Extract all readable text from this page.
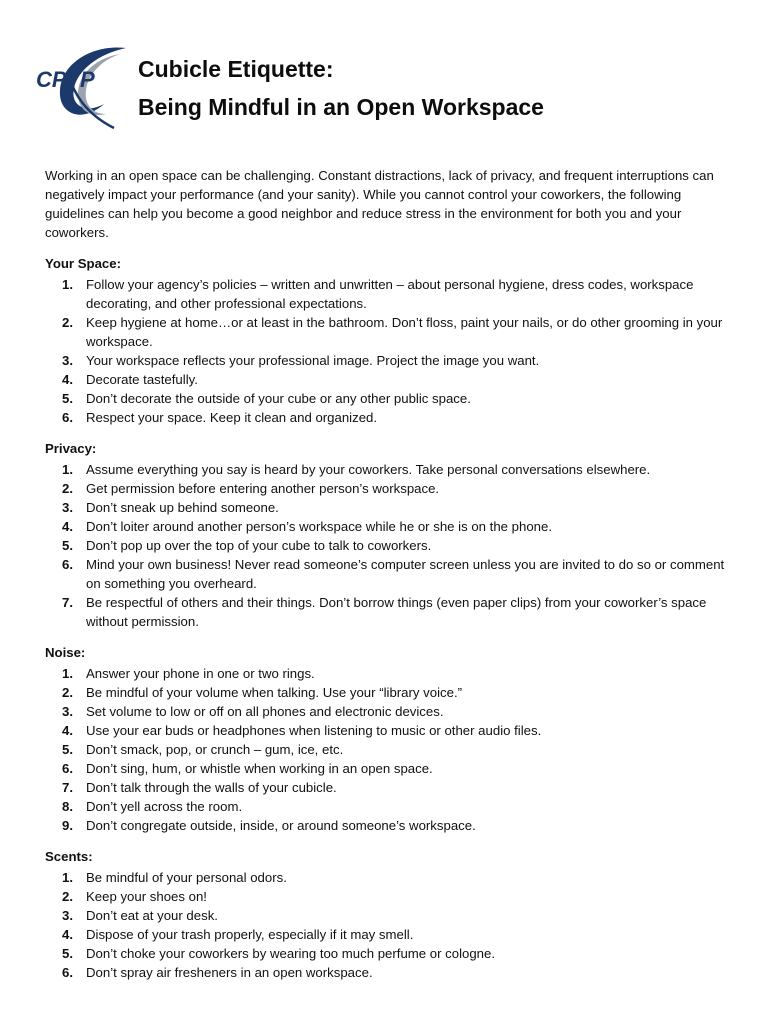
CPTP Cubicle Etiquette:
Being Mindful in an Open Workspace

Working in an open space can be challenging. Constant distractions, lack of privacy, and frequent interruptions can negatively impact your performance (and your sanity). While you cannot control your coworkers, the following guidelines can help you become a good neighbor and reduce stress in the environment for both you and your coworkers.

Your Space:
1. Follow your agency’s policies – written and unwritten – about personal hygiene, dress codes, workspace decorating, and other professional expectations.
2. Keep hygiene at home…or at least in the bathroom. Don’t floss, paint your nails, or do other grooming in your workspace.
3. Your workspace reflects your professional image. Project the image you want.
4. Decorate tastefully.
5. Don’t decorate the outside of your cube or any other public space.
6. Respect your space. Keep it clean and organized.
Privacy:
1. Assume everything you say is heard by your coworkers. Take personal conversations elsewhere.
2. Get permission before entering another person’s workspace.
3. Don’t sneak up behind someone.
4. Don’t loiter around another person’s workspace while he or she is on the phone.
5. Don’t pop up over the top of your cube to talk to coworkers.
6. Mind your own business! Never read someone’s computer screen unless you are invited to do so or comment on something you overheard.
7. Be respectful of others and their things. Don’t borrow things (even paper clips) from your coworker’s space without permission.
Noise:
1. Answer your phone in one or two rings.
2. Be mindful of your volume when talking. Use your “library voice.”
3. Set volume to low or off on all phones and electronic devices.
4. Use your ear buds or headphones when listening to music or other audio files.
5. Don’t smack, pop, or crunch – gum, ice, etc.
6. Don’t sing, hum, or whistle when working in an open space.
7. Don’t talk through the walls of your cubicle.
8. Don’t yell across the room.
9. Don’t congregate outside, inside, or around someone’s workspace.
Scents:
1. Be mindful of your personal odors.
2. Keep your shoes on!
3. Don’t eat at your desk.
4. Dispose of your trash properly, especially if it may smell.
5. Don’t choke your coworkers by wearing too much perfume or cologne.
6. Don’t spray air fresheners in an open workspace.
